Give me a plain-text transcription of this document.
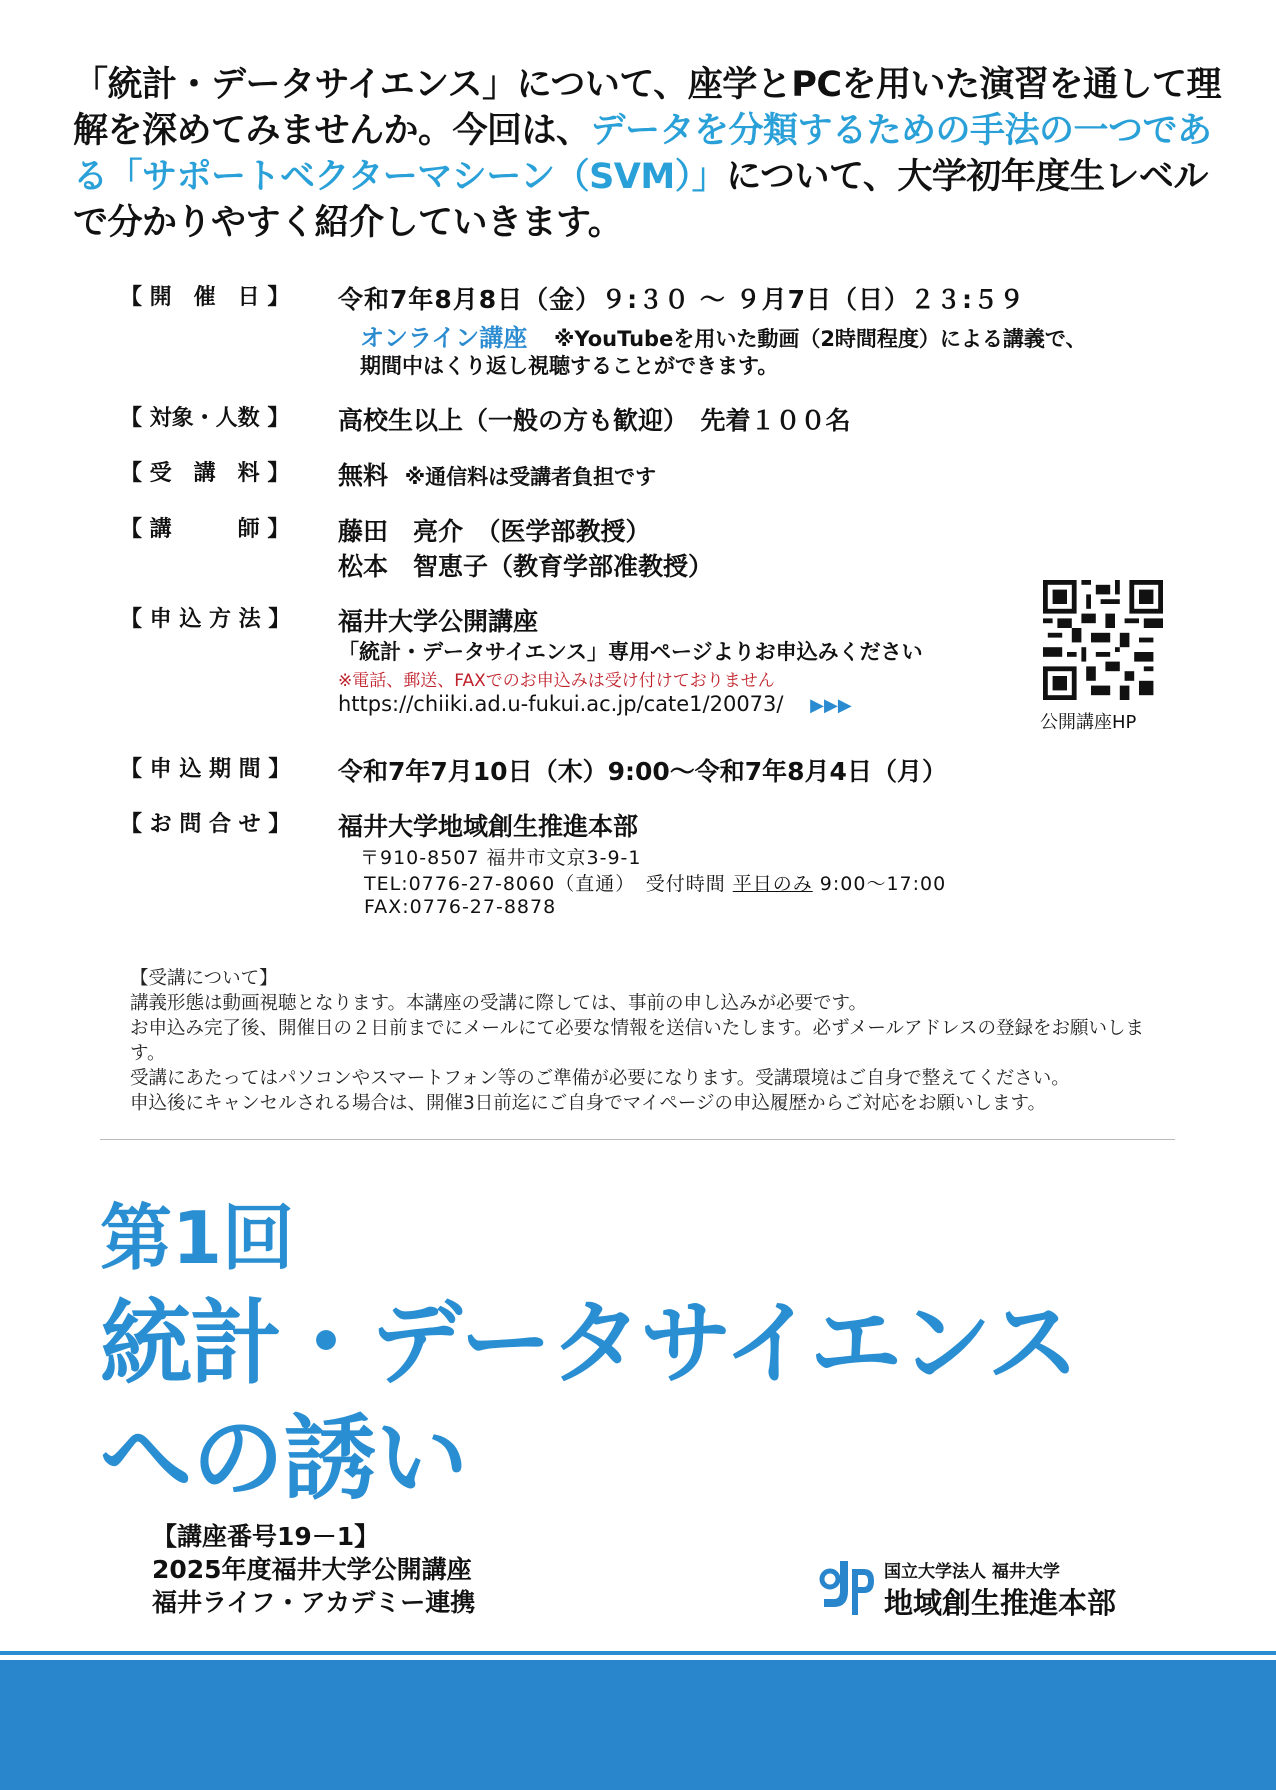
「統計・データサイエンス」について、座学とPCを用いた演習を通して理解を深めてみませんか。今回は、データを分類するための手法の一つである「サポートベクターマシーン（SVM）」について、大学初年度生レベルで分かりやすく紹介していきます。
【 開　催　日 】	令和7年8月8日（金）９:３０ ～ ９月7日（日）２３:５９
オンライン講座 ※YouTubeを用いた動画（2時間程度）による講義で、
期間中はくり返し視聴することができます。
【 対象・人数 】	高校生以上（一般の方も歓迎）　先着１００名
【 受　講　料 】	無料 ※通信料は受講者負担です
【 講　　　師 】	藤田　亮介　（医学部教授）
松本　智恵子（教育学部准教授）
【 申 込 方 法 】	福井大学公開講座
「統計・データサイエンス」専用ページよりお申込みください
※電話、郵送、FAXでのお申込みは受け付けておりません
https://chiiki.ad.u-fukui.ac.jp/cate1/20073/ ▶▶▶
公開講座HP
【 申 込 期 間 】	令和7年7月10日（木）9:00～令和7年8月4日（月）
【 お 問 合 せ 】	福井大学地域創生推進本部
〒910-8507 福井市文京3-9-1
TEL:0776-27-8060（直通）　受付時間 平日のみ 9:00～17:00
FAX:0776-27-8878
【受講について】
講義形態は動画視聴となります。本講座の受講に際しては、事前の申し込みが必要です。
お申込み完了後、開催日の２日前までにメールにて必要な情報を送信いたします。必ずメールアドレスの登録をお願いします。
受講にあたってはパソコンやスマートフォン等のご準備が必要になります。受講環境はご自身で整えてください。
申込後にキャンセルされる場合は、開催3日前迄にご自身でマイページの申込履歴からご対応をお願いします。
第1回
統計・データサイエンス
への誘い
【講座番号19－1】
2025年度福井大学公開講座
福井ライフ・アカデミー連携
国立大学法人 福井大学
地域創生推進本部
